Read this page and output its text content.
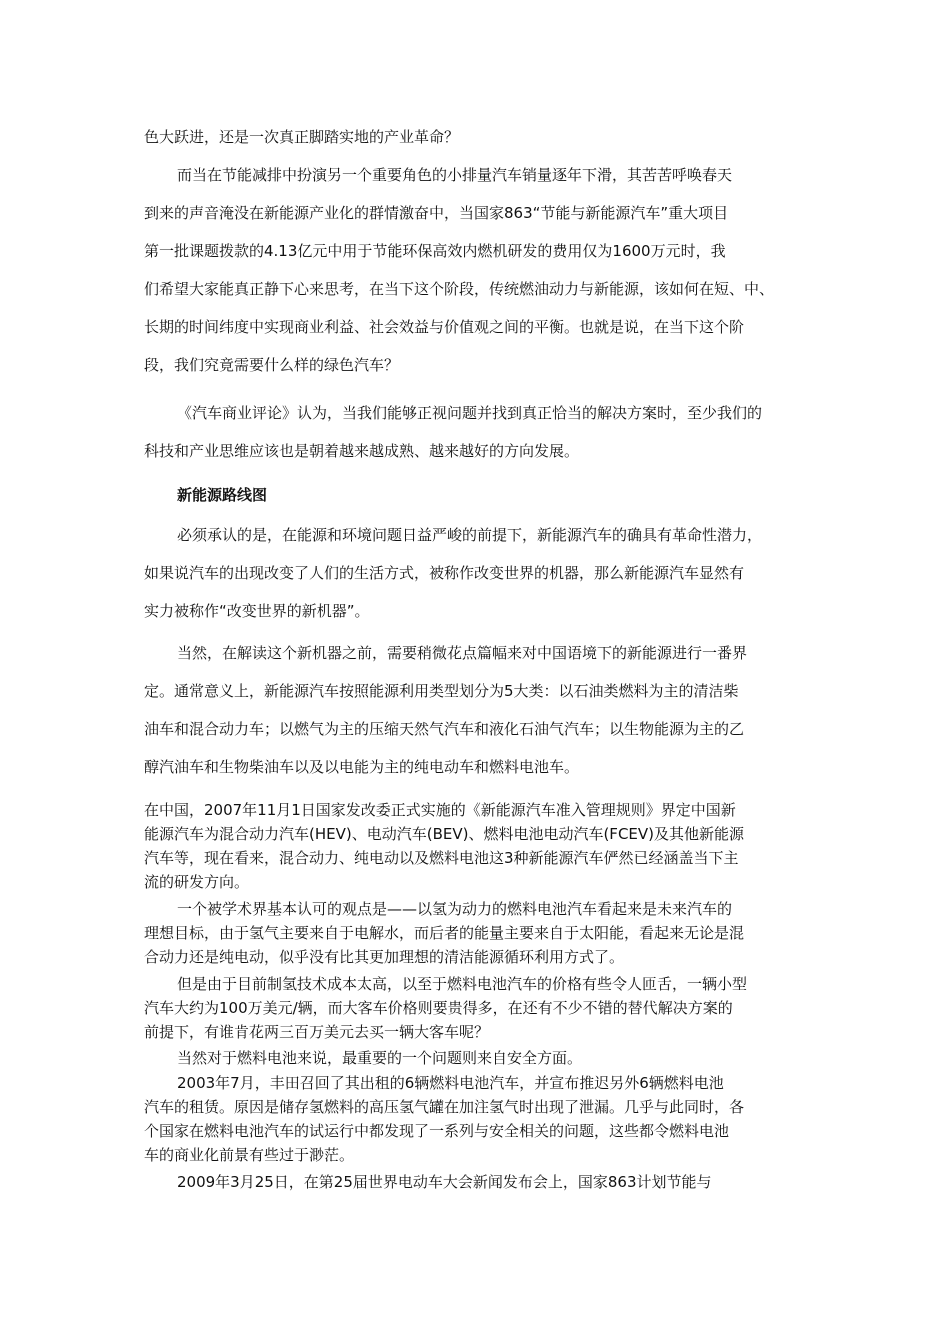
色大跃进，还是一次真正脚踏实地的产业革命？

而当在节能减排中扮演另一个重要角色的小排量汽车销量逐年下滑，其苦苦呼唤春天
到来的声音淹没在新能源产业化的群情激奋中，当国家863“节能与新能源汽车”重大项目
第一批课题拨款的4.13亿元中用于节能环保高效内燃机研发的费用仅为1600万元时，我
们希望大家能真正静下心来思考，在当下这个阶段，传统燃油动力与新能源，该如何在短、中、
长期的时间纬度中实现商业利益、社会效益与价值观之间的平衡。也就是说，在当下这个阶
段，我们究竟需要什么样的绿色汽车？

《汽车商业评论》认为，当我们能够正视问题并找到真正恰当的解决方案时，至少我们的
科技和产业思维应该也是朝着越来越成熟、越来越好的方向发展。

新能源路线图

必须承认的是，在能源和环境问题日益严峻的前提下，新能源汽车的确具有革命性潜力，
如果说汽车的出现改变了人们的生活方式，被称作改变世界的机器，那么新能源汽车显然有
实力被称作“改变世界的新机器”。

当然，在解读这个新机器之前，需要稍微花点篇幅来对中国语境下的新能源进行一番界
定。通常意义上，新能源汽车按照能源利用类型划分为5大类：以石油类燃料为主的清洁柴
油车和混合动力车；以燃气为主的压缩天然气汽车和液化石油气汽车；以生物能源为主的乙
醇汽油车和生物柴油车以及以电能为主的纯电动车和燃料电池车。

在中国，2007年11月1日国家发改委正式实施的《新能源汽车准入管理规则》界定中国新
能源汽车为混合动力汽车(HEV)、电动汽车(BEV)、燃料电池电动汽车(FCEV)及其他新能源
汽车等，现在看来，混合动力、纯电动以及燃料电池这3种新能源汽车俨然已经涵盖当下主
流的研发方向。

一个被学术界基本认可的观点是——以氢为动力的燃料电池汽车看起来是未来汽车的
理想目标，由于氢气主要来自于电解水，而后者的能量主要来自于太阳能，看起来无论是混
合动力还是纯电动，似乎没有比其更加理想的清洁能源循环利用方式了。

但是由于目前制氢技术成本太高，以至于燃料电池汽车的价格有些令人匝舌，一辆小型
汽车大约为100万美元/辆，而大客车价格则要贵得多，在还有不少不错的替代解决方案的
前提下，有谁肯花两三百万美元去买一辆大客车呢？

当然对于燃料电池来说，最重要的一个问题则来自安全方面。

2003年7月，丰田召回了其出租的6辆燃料电池汽车，并宣布推迟另外6辆燃料电池
汽车的租赁。原因是储存氢燃料的高压氢气罐在加注氢气时出现了泄漏。几乎与此同时，各
个国家在燃料电池汽车的试运行中都发现了一系列与安全相关的问题，这些都令燃料电池
车的商业化前景有些过于渺茫。

2009年3月25日，在第25届世界电动车大会新闻发布会上，国家863计划节能与
